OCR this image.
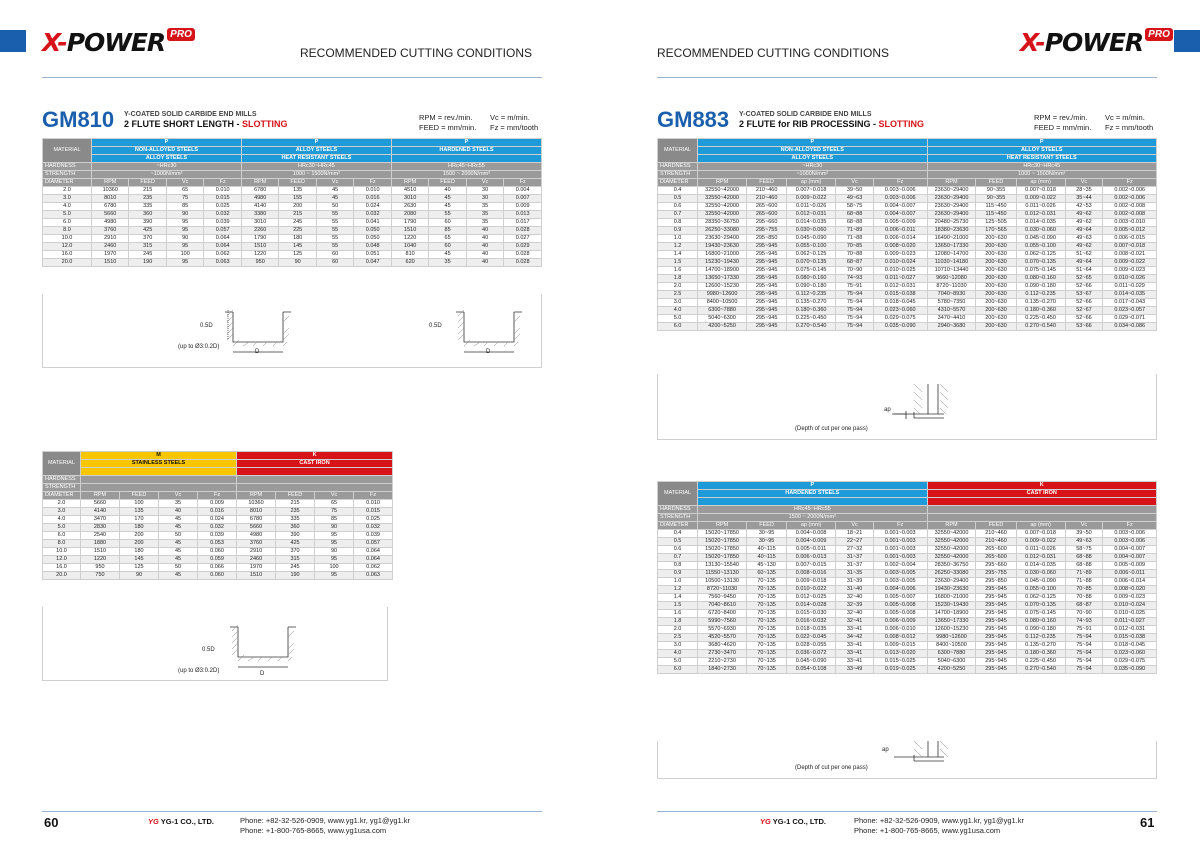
X-POWER PRO
RECOMMENDED CUTTING CONDITIONS
GM810 Y-COATED SOLID CARBIDE END MILLS
2 FLUTE SHORT LENGTH - SLOTTING
RPM = rev./min.
FEED = mm/min.
Vc = m/min.
Fz = mm/tooth
MATERIAL	P				P				P			
	NON-ALLOYED STEELS				ALLOY STEELS				HARDENED STEELS			
	ALLOY STEELS				HEAT RESISTANT STEELS							
HARDNESS	~HRc30				HRc30~HRc45				HRc45~HRc55			
STRENGTH	~1000N/mm²				1000 ~ 1500N/mm²				1500 ~ 2000N/mm²			
DIAMETER	RPM	FEED	Vc	Fz	RPM	FEED	Vc	Fz	RPM	FEED	Vc	Fz
2.0	10360	215	65	0.010	6780	135	45	0.010	4510	40	30	0.004
3.0	8010	235	75	0.015	4980	155	45	0.016	3010	45	30	0.007
4.0	6780	335	85	0.025	4140	200	50	0.024	2630	45	35	0.009
5.0	5660	360	90	0.032	3380	215	55	0.032	2080	55	35	0.013
6.0	4980	390	95	0.039	3010	245	55	0.041	1790	60	35	0.017
8.0	3760	425	95	0.057	2260	225	55	0.050	1510	85	40	0.028
10.0	2910	370	90	0.064	1790	180	55	0.050	1220	65	40	0.027
12.0	2460	315	95	0.064	1510	145	55	0.048	1040	60	40	0.029
16.0	1970	245	100	0.062	1220	125	60	0.051	810	45	40	0.028
20.0	1510	190	95	0.063	950	90	60	0.047	620	35	40	0.028
0.5D
(up to Ø3:0.2D)
D
0.5D
D
MATERIAL	M				K			
	STAINLESS STEELS				CAST IRON			

HARDNESS								
STRENGTH								
DIAMETER	RPM	FEED	Vc	Fz	RPM	FEED	Vc	Fz
2.0	5660	100	35	0.009	10360	215	65	0.010
3.0	4140	135	40	0.016	8010	235	75	0.015
4.0	3470	170	45	0.024	6780	335	85	0.025
5.0	2830	180	45	0.032	5660	360	90	0.032
6.0	2540	200	50	0.039	4980	390	95	0.039
8.0	1880	200	45	0.053	3760	425	95	0.057
10.0	1510	180	45	0.060	2910	370	90	0.064
12.0	1220	145	45	0.059	2460	315	95	0.064
16.0	950	125	50	0.066	1970	245	100	0.062
20.0	750	90	45	0.060	1510	190	95	0.063
0.5D
(up to Ø3:0.2D)	D
60	YG YG-1 CO., LTD.	Phone: +82-32-526-0909, www.yg1.kr, yg1@yg1.kr
Phone: +1-800-765-8665, www.yg1usa.com
X-POWER PRO
RECOMMENDED CUTTING CONDITIONS
GM883 Y-COATED SOLID CARBIDE END MILLS
2 FLUTE for RIB PROCESSING - SLOTTING
RPM = rev./min.
FEED = mm/min.
Vc = m/min.
Fz = mm/tooth
MATERIAL	P					P				
	NON-ALLOYED STEELS					ALLOY STEELS				
	ALLOY STEELS					HEAT RESISTANT STEELS				
HARDNESS	~HRc30					HRc30~HRc45				
STRENGTH	~1000N/mm²					1000 ~ 1500N/mm²				
DIAMETER	RPM	FEED	ap (mm)	Vc	Fz	RPM	FEED	ap (mm)	Vc	Fz
0.4	32550~42000	210~460	0.007~0.018	39~50	0.003~0.006	23630~29400	90~355	0.007~0.018	28~35	0.002~0.006
0.5	32550~42000	210~460	0.009~0.022	49~63	0.003~0.006	23630~29400	90~355	0.009~0.022	35~44	0.002~0.006
0.6	32550~42000	265~600	0.011~0.026	58~75	0.004~0.007	23630~29400	115~450	0.011~0.026	42~53	0.002~0.008
0.7	32550~42000	265~600	0.012~0.031	68~88	0.004~0.007	23630~29400	115~450	0.012~0.031	49~62	0.002~0.008
0.8	28350~36750	295~660	0.014~0.035	68~88	0.005~0.009	20480~25730	125~505	0.014~0.035	49~62	0.003~0.010
0.9	26250~33080	295~755	0.030~0.060	71~89	0.006~0.011	18380~23630	170~565	0.030~0.060	49~64	0.005~0.012
1.0	23630~29400	295~850	0.045~0.090	71~88	0.006~0.014	16490~21000	200~630	0.045~0.090	49~63	0.006~0.015
1.2	19430~23630	295~945	0.055~0.100	70~85	0.008~0.020	13650~17330	200~630	0.055~0.100	49~62	0.007~0.018
1.4	16800~21000	295~945	0.062~0.125	70~88	0.009~0.023	12080~14700	200~630	0.062~0.125	51~62	0.008~0.021
1.5	15230~19430	295~945	0.070~0.135	68~87	0.010~0.024	11030~14180	200~630	0.070~0.135	49~64	0.009~0.022
1.6	14700~18900	295~945	0.075~0.145	70~90	0.010~0.025	10710~13440	200~630	0.075~0.145	51~64	0.009~0.023
1.8	13650~17330	295~945	0.080~0.160	74~93	0.011~0.027	9660~12080	200~630	0.080~0.160	52~65	0.010~0.026
2.0	12600~15230	295~945	0.090~0.180	75~91	0.012~0.031	8720~11030	200~630	0.090~0.180	52~66	0.011~0.029
2.5	9980~12600	295~945	0.112~0.235	75~94	0.015~0.038	7040~8930	200~630	0.112~0.235	53~67	0.014~0.035
3.0	8400~10500	295~945	0.135~0.270	75~94	0.018~0.045	5780~7350	200~630	0.135~0.270	52~66	0.017~0.043
4.0	6300~7880	295~945	0.180~0.360	75~94	0.023~0.060	4310~5570	200~630	0.180~0.360	52~67	0.023~0.057
5.0	5040~6300	295~945	0.225~0.450	75~94	0.029~0.075	3470~4410	200~630	0.225~0.450	52~66	0.029~0.071
6.0	4200~5250	295~945	0.270~0.540	75~94	0.035~0.090	2940~3680	200~630	0.270~0.540	53~66	0.034~0.086
ap
(Depth of cut per one pass)
MATERIAL	P					K				
	HARDENED STEELS					CAST IRON				

HARDNESS	HRc45~HRc55									
STRENGTH	1500 ~ 2000N/mm²									
DIAMETER	RPM	FEED	ap (mm)	Vc	Fz	RPM	FEED	ap (mm)	Vc	Fz
0.4	15020~17850	30~95	0.004~0.008	18~21	0.001~0.003	32550~42000	210~460	0.007~0.018	39~50	0.003~0.006
0.5	15020~17850	30~95	0.004~0.009	22~27	0.001~0.003	32550~42000	210~460	0.009~0.022	49~63	0.003~0.006
0.6	15020~17850	40~115	0.005~0.011	27~32	0.001~0.003	32550~42000	265~600	0.011~0.026	58~75	0.004~0.007
0.7	15020~17850	40~115	0.006~0.013	31~37	0.001~0.003	32550~42000	265~600	0.012~0.031	68~88	0.004~0.007
0.8	13130~15540	45~130	0.007~0.015	31~37	0.002~0.004	28350~36750	295~660	0.014~0.035	68~88	0.005~0.009
0.9	11550~13130	60~135	0.008~0.016	31~35	0.003~0.005	26250~33080	295~755	0.030~0.060	71~89	0.006~0.011
1.0	10500~13130	70~135	0.009~0.018	31~39	0.003~0.005	23630~29400	295~850	0.045~0.090	71~88	0.006~0.014
1.2	8720~11030	70~135	0.010~0.022	31~40	0.004~0.006	19430~23630	295~945	0.055~0.100	70~85	0.008~0.020
1.4	7560~9450	70~135	0.012~0.025	32~40	0.005~0.007	16800~21000	295~945	0.062~0.125	70~88	0.009~0.023
1.5	7040~8610	70~135	0.014~0.028	32~39	0.005~0.008	15230~19430	295~945	0.070~0.135	68~87	0.010~0.024
1.6	6720~8400	70~135	0.015~0.030	32~40	0.005~0.008	14700~18900	295~945	0.075~0.145	70~90	0.010~0.025
1.8	5990~7560	70~135	0.016~0.032	32~41	0.006~0.009	13650~17330	295~945	0.080~0.160	74~93	0.011~0.027
2.0	5570~6930	70~135	0.018~0.035	33~41	0.006~0.010	12600~15230	295~945	0.090~0.180	75~91	0.012~0.031
2.5	4520~5570	70~135	0.022~0.045	34~42	0.008~0.012	9980~12600	295~945	0.112~0.235	75~94	0.015~0.038
3.0	3680~4620	70~135	0.028~0.055	33~41	0.009~0.015	8400~10500	295~945	0.135~0.270	75~94	0.018~0.045
4.0	2730~3470	70~135	0.036~0.072	33~41	0.013~0.020	6300~7880	295~945	0.180~0.360	75~94	0.023~0.060
5.0	2210~2730	70~135	0.045~0.090	33~41	0.015~0.025	5040~6300	295~945	0.225~0.450	75~94	0.029~0.075
6.0	1840~2730	70~135	0.054~0.108	33~49	0.019~0.025	4200~5250	295~945	0.270~0.540	75~94	0.035~0.090
ap
(Depth of cut per one pass)
YG YG-1 CO., LTD.	Phone: +82-32-526-0909, www.yg1.kr, yg1@yg1.kr
Phone: +1-800-765-8665, www.yg1usa.com
61
